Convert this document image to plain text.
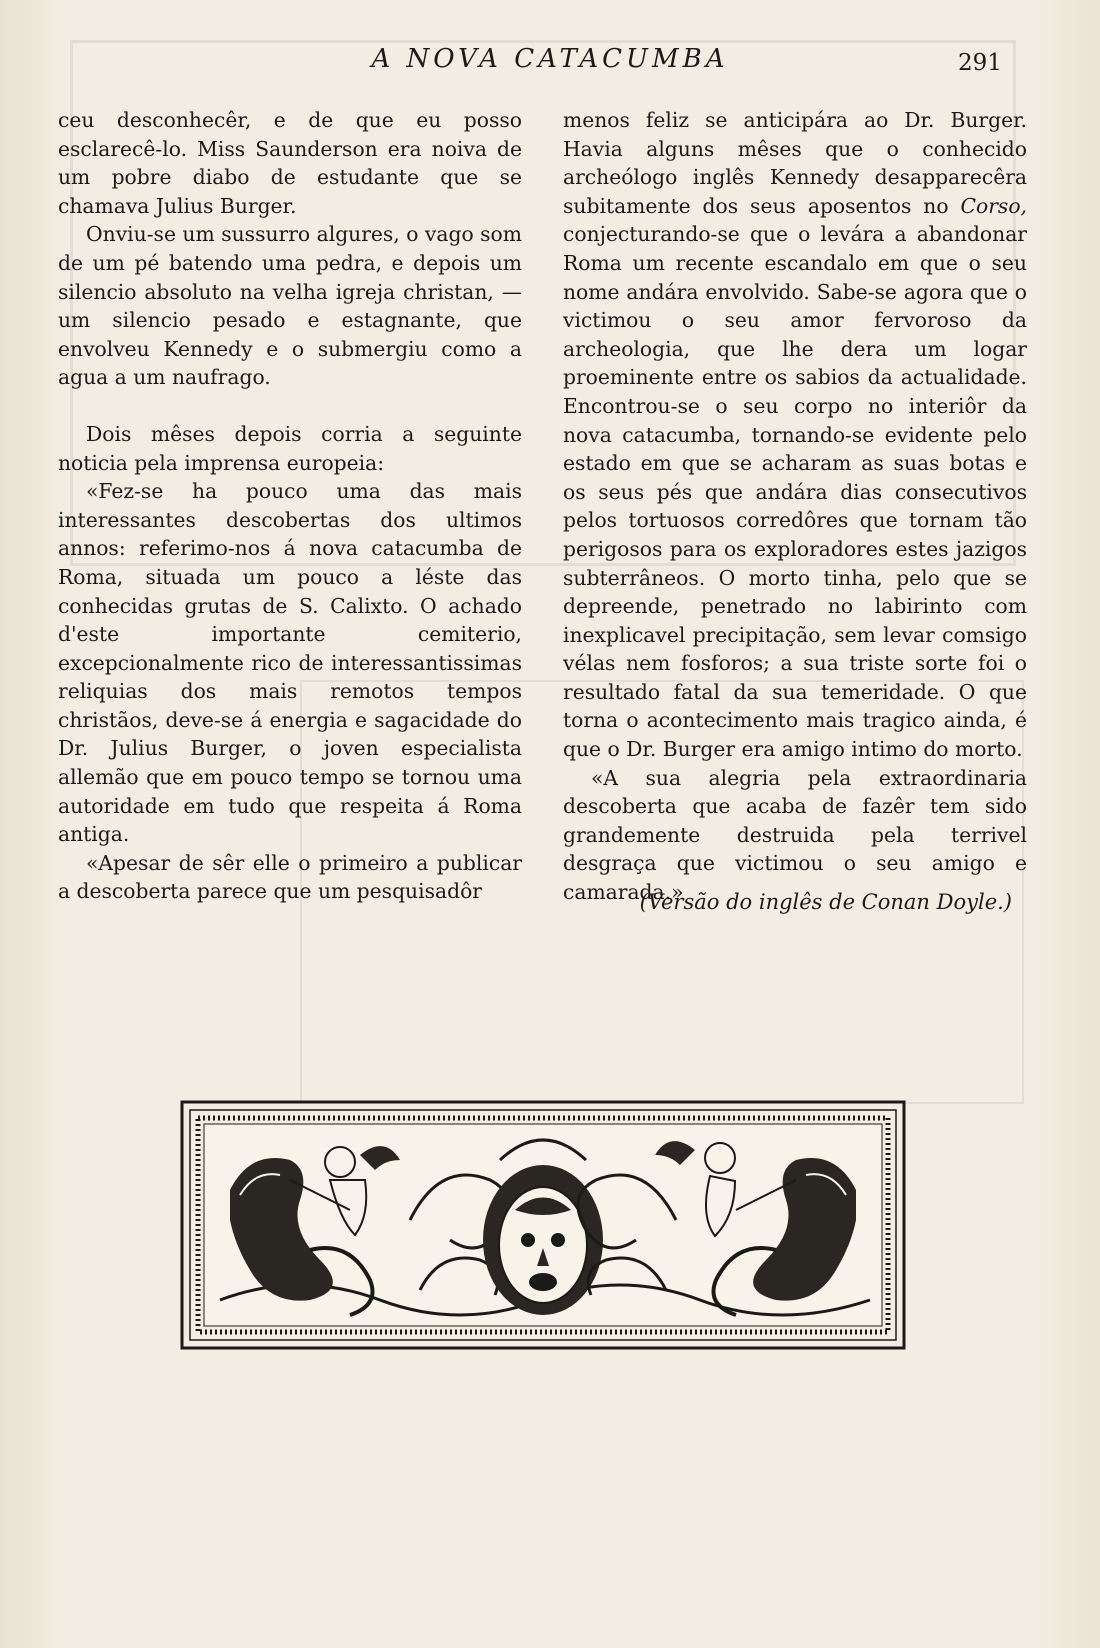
A NOVA CATACUMBA	291

ceu desconhecêr, e de que eu posso esclarecê-lo. Miss Saunderson era noiva de um pobre diabo de estudante que se chamava Julius Burger.

Onviu-se um sussurro algures, o vago som de um pé batendo uma pedra, e depois um silencio absoluto na velha igreja christan, — um silencio pesado e estagnante, que envolveu Kennedy e o submergiu como a agua a um naufrago.

Dois mêses depois corria a seguinte noticia pela imprensa europeia:

«Fez-se ha pouco uma das mais interessantes descobertas dos ultimos annos: referimo-nos á nova catacumba de Roma, situada um pouco a léste das conhecidas grutas de S. Calixto. O achado d'este importante cemiterio, excepcionalmente rico de interessantissimas reliquias dos mais remotos tempos christãos, deve-se á energia e sagacidade do Dr. Julius Burger, o joven especialista allemão que em pouco tempo se tornou uma autoridade em tudo que respeita á Roma antiga.

«Apesar de sêr elle o primeiro a publicar a descoberta parece que um pesquisadôr

menos feliz se anticipára ao Dr. Burger. Havia alguns mêses que o conhecido archeólogo inglês Kennedy desapparecêra subitamente dos seus aposentos no Corso, conjecturando-se que o levára a abandonar Roma um recente escandalo em que o seu nome andára envolvido. Sabe-se agora que o victimou o seu amor fervoroso da archeologia, que lhe dera um logar proeminente entre os sabios da actualidade. Encontrou-se o seu corpo no interiôr da nova catacumba, tornando-se evidente pelo estado em que se acharam as suas botas e os seus pés que andára dias consecutivos pelos tortuosos corredôres que tornam tão perigosos para os exploradores estes jazigos subterrâneos. O morto tinha, pelo que se depreende, penetrado no labirinto com inexplicavel precipitação, sem levar comsigo vélas nem fosforos; a sua triste sorte foi o resultado fatal da sua temeridade. O que torna o acontecimento mais tragico ainda, é que o Dr. Burger era amigo intimo do morto.

«A sua alegria pela extraordinaria descoberta que acaba de fazêr tem sido grandemente destruida pela terrivel desgraça que victimou o seu amigo e camarada.»

(Versão do inglês de Conan Doyle.)
